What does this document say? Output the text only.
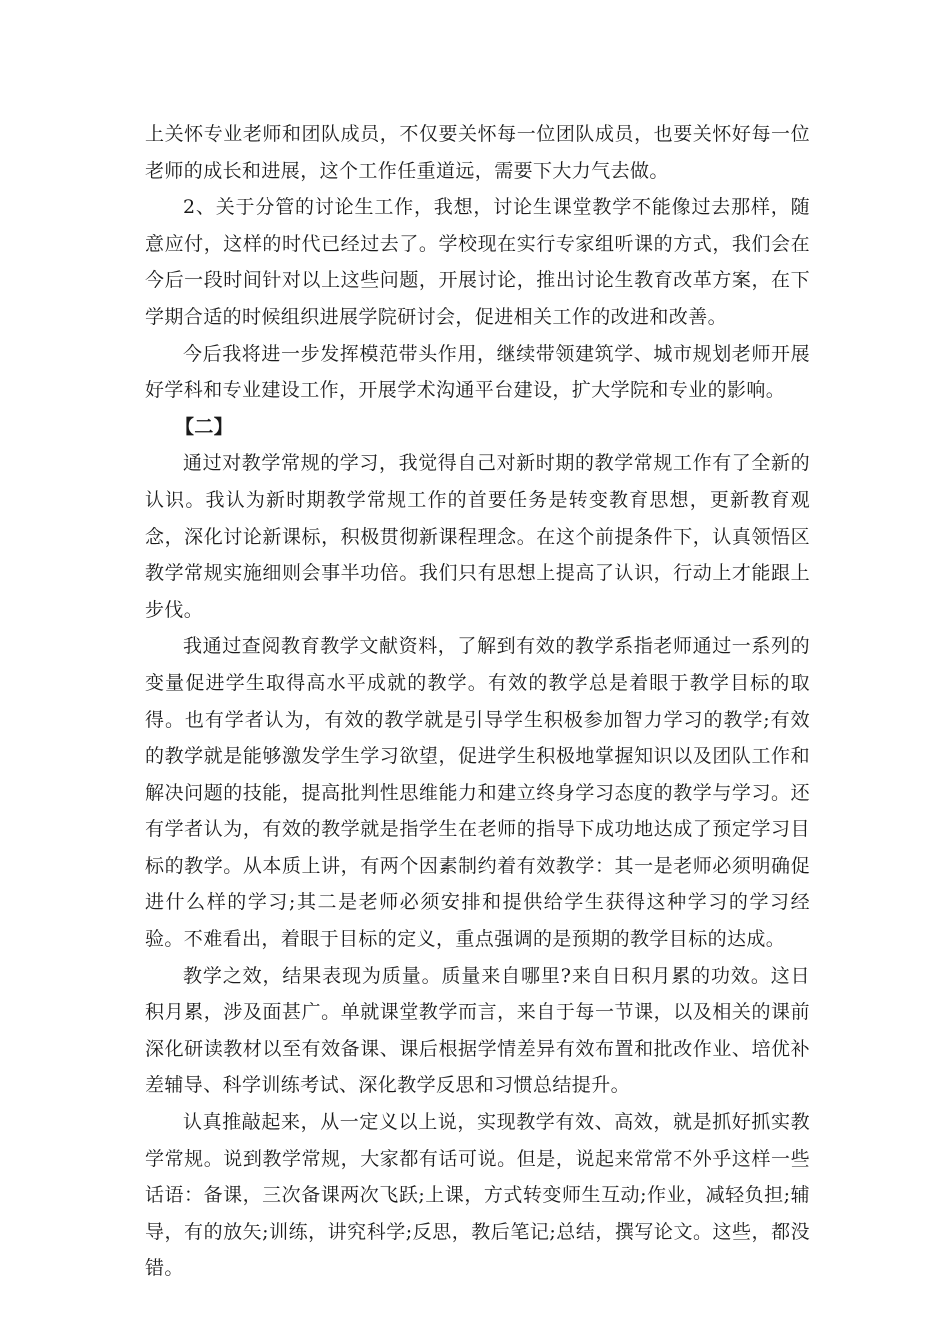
上关怀专业老师和团队成员，不仅要关怀每一位团队成员，也要关怀好每一位老师的成长和进展，这个工作任重道远，需要下大力气去做。

2、关于分管的讨论生工作，我想，讨论生课堂教学不能像过去那样，随意应付，这样的时代已经过去了。学校现在实行专家组听课的方式，我们会在今后一段时间针对以上这些问题，开展讨论，推出讨论生教育改革方案，在下学期合适的时候组织进展学院研讨会，促进相关工作的改进和改善。

今后我将进一步发挥模范带头作用，继续带领建筑学、城市规划老师开展好学科和专业建设工作，开展学术沟通平台建设，扩大学院和专业的影响。

【二】

通过对教学常规的学习，我觉得自己对新时期的教学常规工作有了全新的认识。我认为新时期教学常规工作的首要任务是转变教育思想，更新教育观念，深化讨论新课标，积极贯彻新课程理念。在这个前提条件下，认真领悟区教学常规实施细则会事半功倍。我们只有思想上提高了认识，行动上才能跟上步伐。

我通过查阅教育教学文献资料，了解到有效的教学系指老师通过一系列的变量促进学生取得高水平成就的教学。有效的教学总是着眼于教学目标的取得。也有学者认为，有效的教学就是引导学生积极参加智力学习的教学;有效的教学就是能够激发学生学习欲望，促进学生积极地掌握知识以及团队工作和解决问题的技能，提高批判性思维能力和建立终身学习态度的教学与学习。还有学者认为，有效的教学就是指学生在老师的指导下成功地达成了预定学习目标的教学。从本质上讲，有两个因素制约着有效教学：其一是老师必须明确促进什么样的学习;其二是老师必须安排和提供给学生获得这种学习的学习经验。不难看出，着眼于目标的定义，重点强调的是预期的教学目标的达成。

教学之效，结果表现为质量。质量来自哪里?来自日积月累的功效。这日积月累，涉及面甚广。单就课堂教学而言，来自于每一节课，以及相关的课前深化研读教材以至有效备课、课后根据学情差异有效布置和批改作业、培优补差辅导、科学训练考试、深化教学反思和习惯总结提升。

认真推敲起来，从一定义以上说，实现教学有效、高效，就是抓好抓实教学常规。说到教学常规，大家都有话可说。但是，说起来常常不外乎这样一些话语：备课，三次备课两次飞跃;上课，方式转变师生互动;作业，减轻负担;辅导，有的放矢;训练，讲究科学;反思，教后笔记;总结，撰写论文。这些，都没错。
